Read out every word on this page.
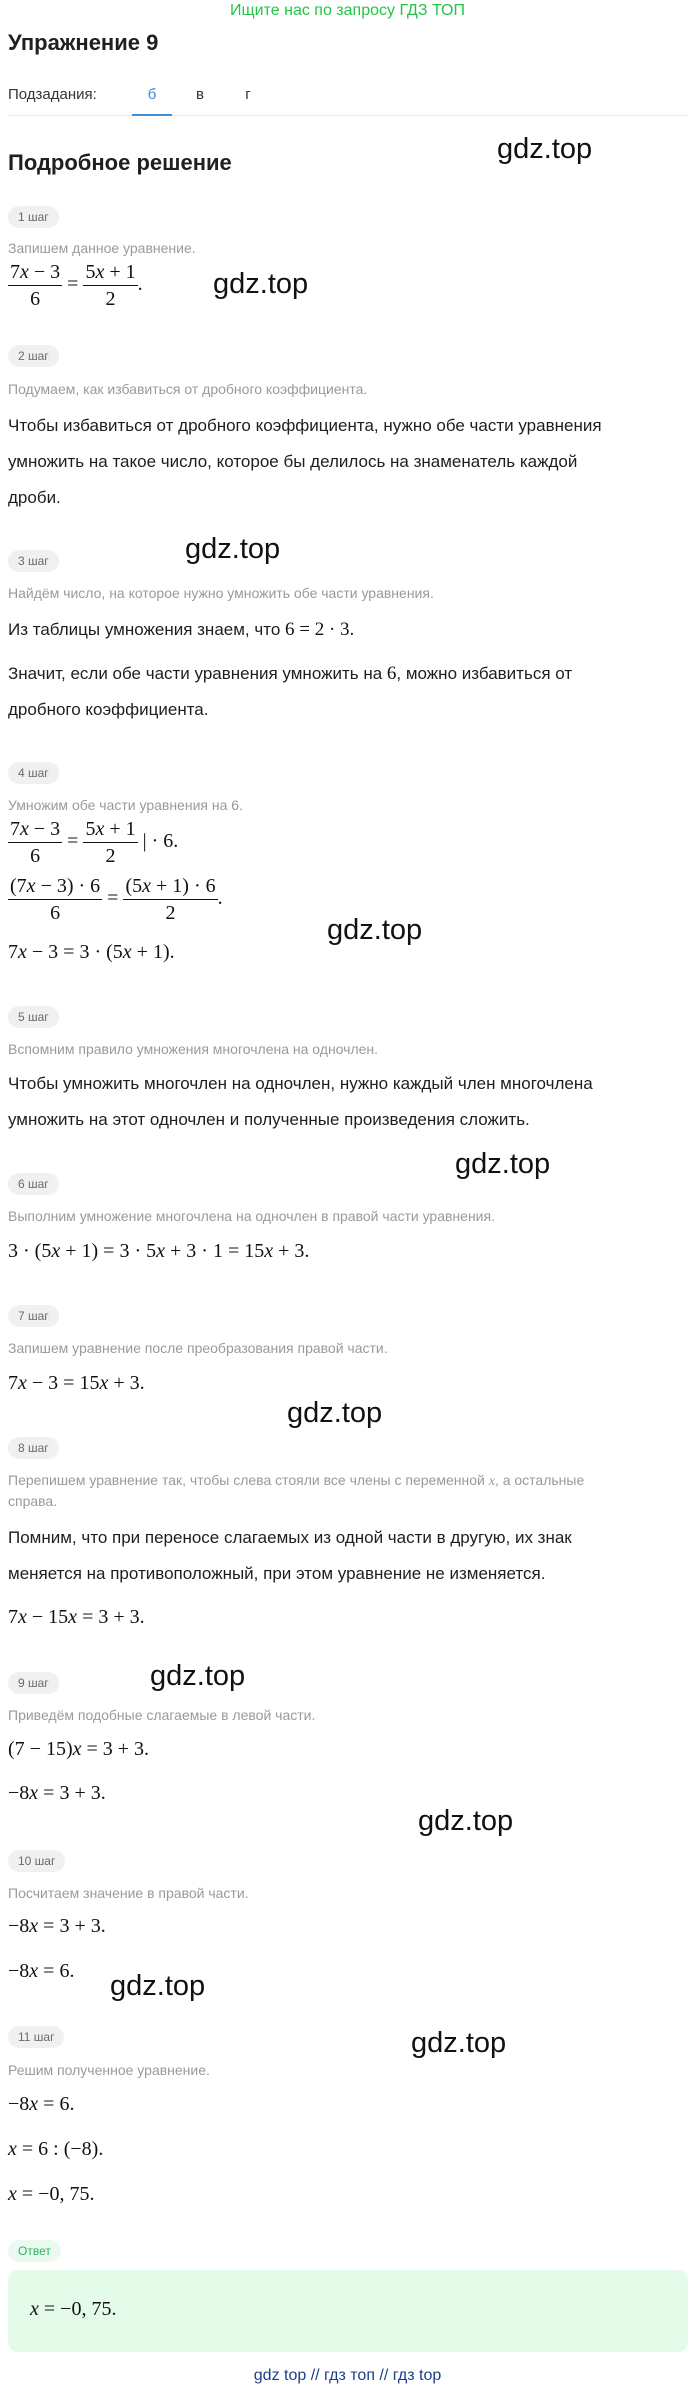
Ищите нас по запросу ГДЗ ТОП
Упражнение 9
Подзадания:	б	в	г
Подробное решение	gdz.top
gdz.top
gdz.top
gdz.top
gdz.top
gdz.top
gdz.top
gdz.top
gdz.top
gdz.top
1 шаг
Запишем данное уравнение.
$\frac{7x - 3}{6} = \frac{5x + 1}{2}$ .
2 шаг
Подумаем, как избавиться от дробного коэффициента.
Чтобы избавиться от дробного коэффициента, нужно обе части уравнения
умножить на такое число, которое бы делилось на знаменатель каждой
дроби.
3 шаг
Найдём число, на которое нужно умножить обе части уравнения.
Из таблицы умножения знаем, что 6 = 2 · 3.
Значит, если обе части уравнения умножить на 6, можно избавиться от
дробного коэффициента.
4 шаг
Умножим обе части уравнения на 6.
$\frac{7x - 3}{6} = \frac{5x + 1}{2}$ | · 6.
$\frac{(7x - 3) \cdot 6}{6} = \frac{(5x + 1) \cdot 6}{2}$ .
7x − 3 = 3 · (5x + 1).
5 шаг
Вспомним правило умножения многочлена на одночлен.
Чтобы умножить многочлен на одночлен, нужно каждый член многочлена
умножить на этот одночлен и полученные произведения сложить.
6 шаг
Выполним умножение многочлена на одночлен в правой части уравнения.
3 · (5x + 1) = 3 · 5x + 3 · 1 = 15x + 3.
7 шаг
Запишем уравнение после преобразования правой части.
7x − 3 = 15x + 3.
8 шаг
Перепишем уравнение так, чтобы слева стояли все члены с переменной x, а остальные
справа.
Помним, что при переносе слагаемых из одной части в другую, их знак
меняется на противоположный, при этом уравнение не изменяется.
7x − 15x = 3 + 3.
9 шаг
Приведём подобные слагаемые в левой части.
(7 − 15)x = 3 + 3.
−8x = 3 + 3.
10 шаг
Посчитаем значение в правой части.
−8x = 3 + 3.
−8x = 6.
11 шаг
Решим полученное уравнение.
−8x = 6.
x = 6 : (−8).
x = −0, 75.
Ответ
x = −0, 75.
gdz top // гдз топ // гдз top
